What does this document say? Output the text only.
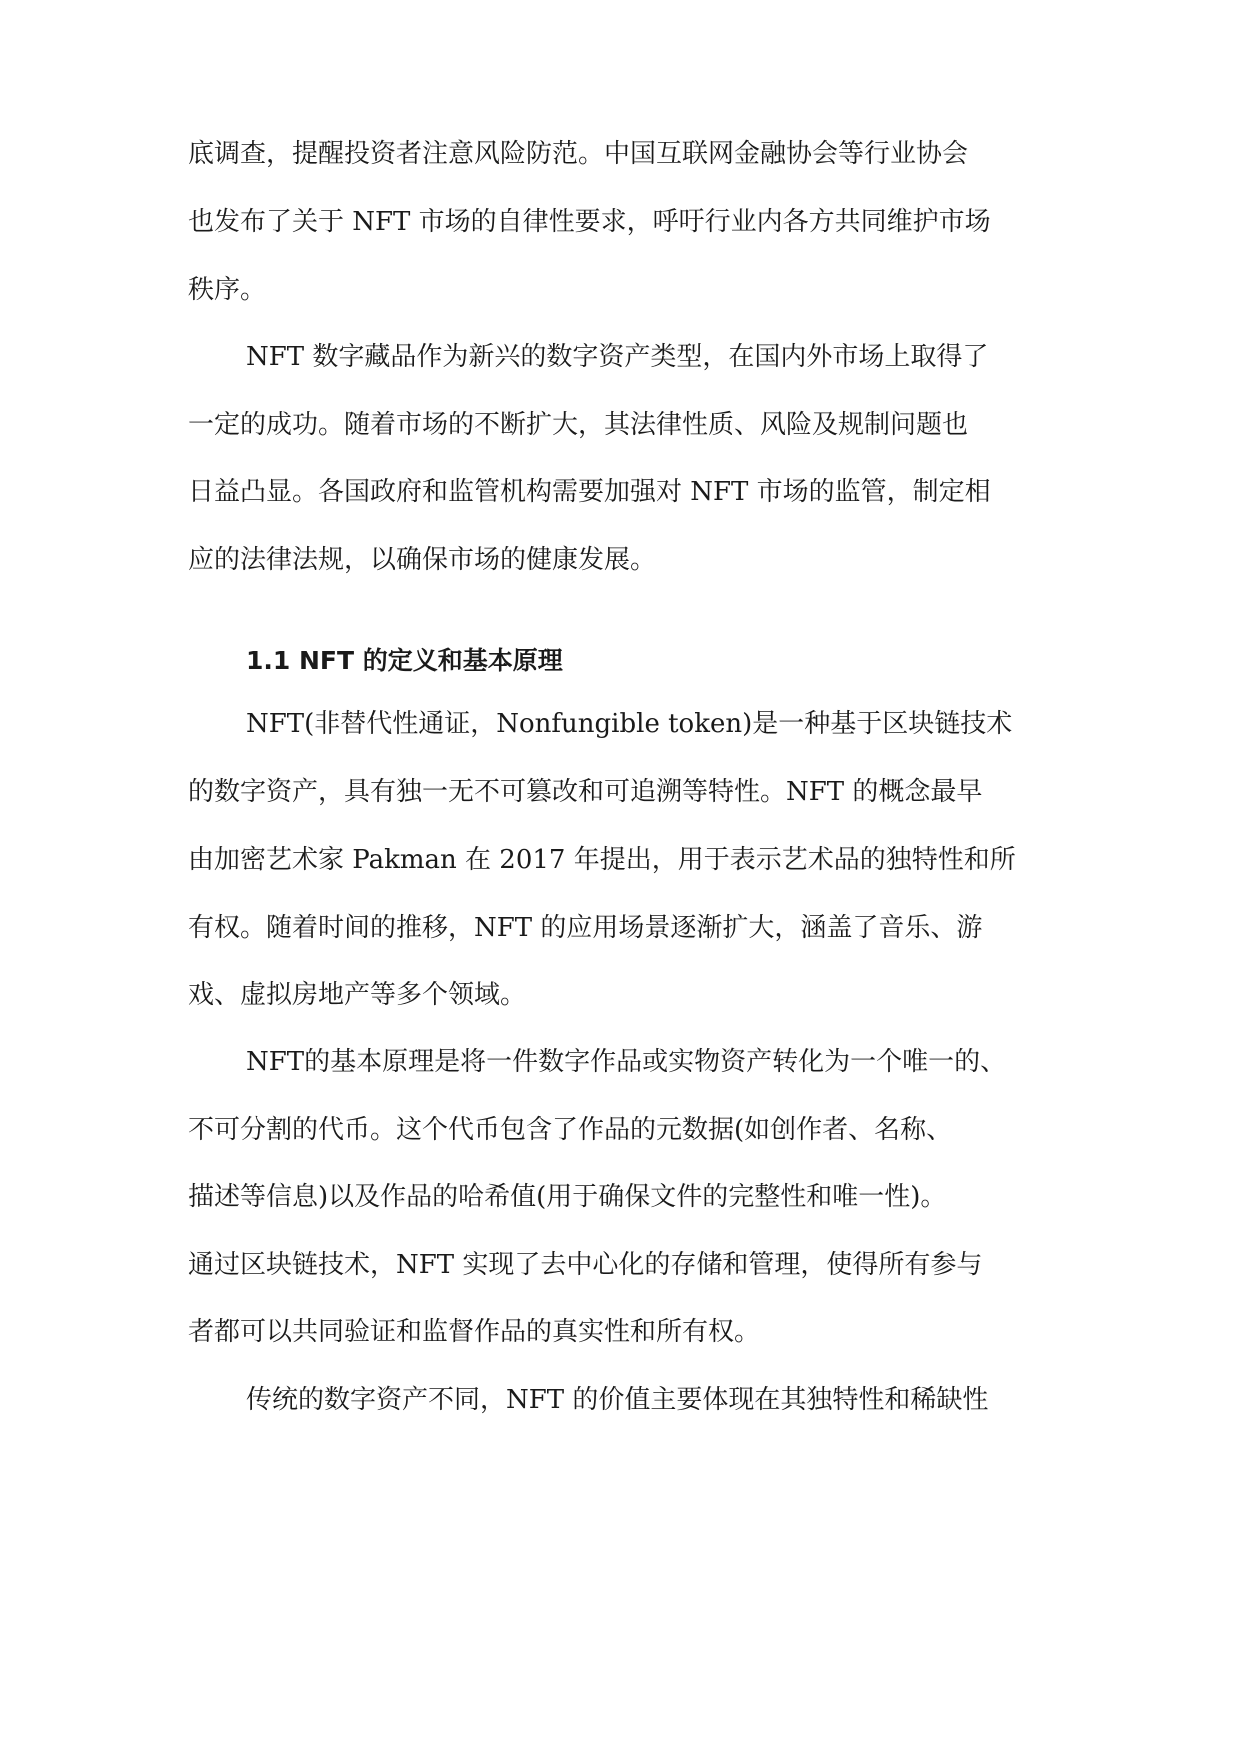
底调查，提醒投资者注意风险防范。中国互联网金融协会等行业协会
也发布了关于 NFT 市场的自律性要求，呼吁行业内各方共同维护市场
秩序。
NFT 数字藏品作为新兴的数字资产类型，在国内外市场上取得了
一定的成功。随着市场的不断扩大，其法律性质、风险及规制问题也
日益凸显。各国政府和监管机构需要加强对 NFT 市场的监管，制定相
应的法律法规，以确保市场的健康发展。
1.1 NFT 的定义和基本原理
NFT(非替代性通证，Nonfungible token)是一种基于区块链技术
的数字资产，具有独一无不可篡改和可追溯等特性。NFT 的概念最早
由加密艺术家 Pakman 在 2017 年提出，用于表示艺术品的独特性和所
有权。随着时间的推移，NFT 的应用场景逐渐扩大，涵盖了音乐、游
戏、虚拟房地产等多个领域。
NFT的基本原理是将一件数字作品或实物资产转化为一个唯一的、
不可分割的代币。这个代币包含了作品的元数据(如创作者、名称、
描述等信息)以及作品的哈希值(用于确保文件的完整性和唯一性)。
通过区块链技术，NFT 实现了去中心化的存储和管理，使得所有参与
者都可以共同验证和监督作品的真实性和所有权。
传统的数字资产不同，NFT 的价值主要体现在其独特性和稀缺性
